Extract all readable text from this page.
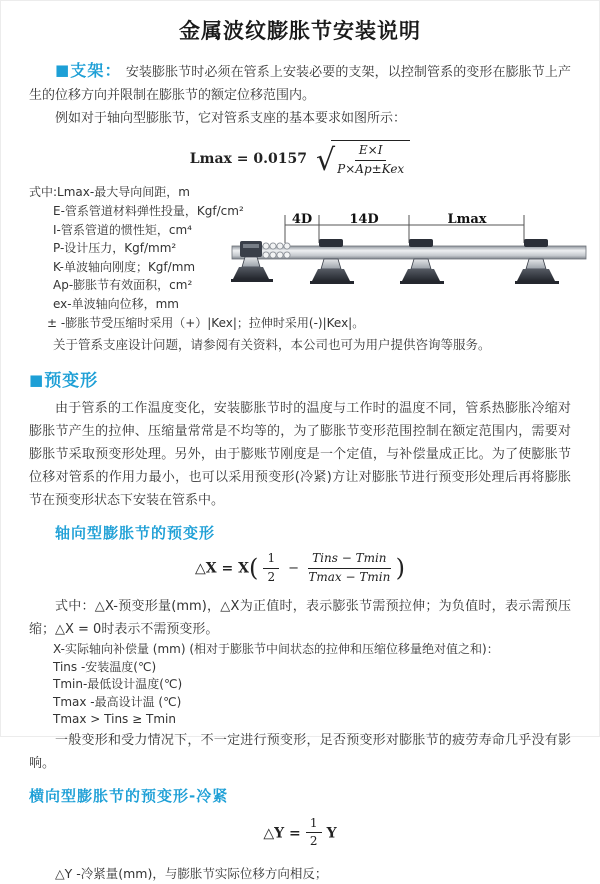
金属波纹膨胀节安装说明

■支架： 安装膨胀节时必须在管系上安装必要的支架，以控制管系的变形在膨胀节上产生的位移方向并限制在膨胀节的额定位移范围内。

例如对于轴向型膨胀节，它对管系支座的基本要求如图所示：

Lmax = 0.0157 √ $\frac{E\times I}{\text{P×Ap±Kex}}$
式中:Lmax-最大导向间距，m
E-管系管道材料弹性投量，Kgf/cm²
I-管系管道的惯性矩，cm⁴
P-设计压力，Kgf/mm²
K-单波轴向刚度；Kgf/mm
Ap-膨胀节有效面积，cm²
ex-单波轴向位移，mm
± -膨胀节受压缩时采用（+）|Kex|；拉伸时采用(-)|Kex|。
关于管系支座设计问题，请参阅有关资料，本公司也可为用户提供咨询等服务。
4D	14D	Lmax
■预变形

由于管系的工作温度变化，安装膨胀节时的温度与工作时的温度不同，管系热膨胀冷缩对膨胀节产生的拉伸、压缩量常常是不均等的，为了膨胀节变形范围控制在额定范围内，需要对膨胀节采取预变形处理。另外，由于膨账节刚度是一个定值，与补偿量成正比。为了使膨胀节位移对管系的作用力最小，也可以采用预变形(冷紧)方让对膨胀节进行预变形处理后再将膨胀节在预变形状态下安装在管系中。

轴向型膨胀节的预变形
△X = $X( \frac{1}{2} - \frac{\text{Tins − Tmin}}{Tmax - Tmin}$ )

式中：△X-预变形量(mm)，△X为正值时，表示膨张节需预拉伸；为负值时，表示需预压缩；△X = 0时表示不需预变形。

X-实际轴向补偿量 (mm) (相对于膨胀节中间状态的拉伸和压缩位移量绝对值之和)：
Tins -安装温度(℃)
Tmin-最低设计温度(℃)
Tmax -最高设计温 (℃)
Tmax > Tins ≥ Tmin

一般变形和受力情况下，不一定进行预变形，足否预变形对膨胀节的疲劳寿命几乎没有影响。

横向型膨胀节的预变形-冷紧
△Y = $\frac{1}{2}$ Y

△Y -冷紧量(mm)，与膨胀节实际位移方向相反；
